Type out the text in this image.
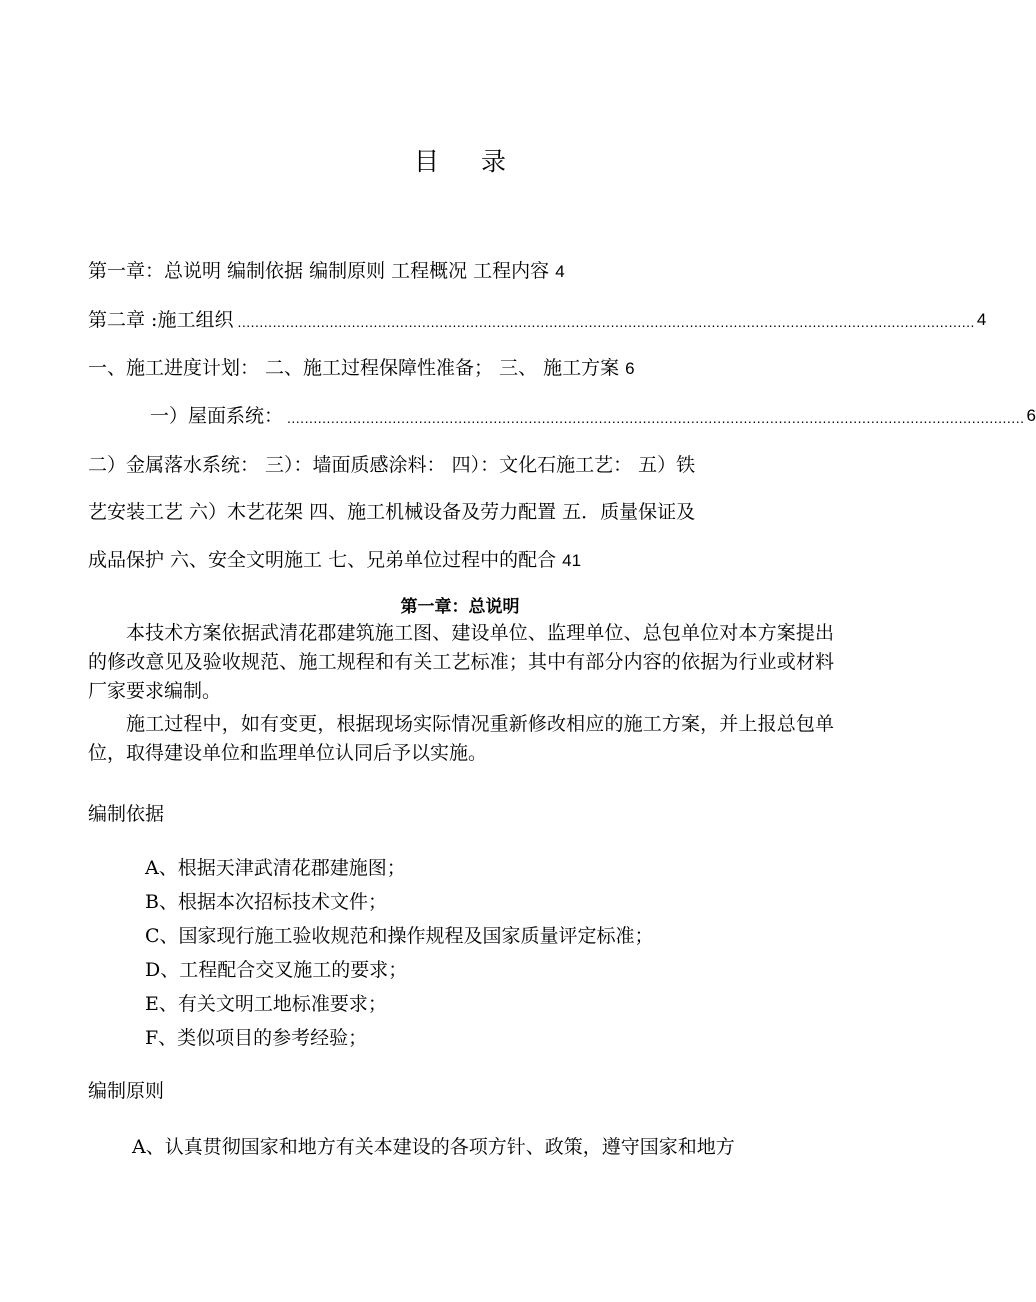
目 录
第一章：总说明 编制依据 编制原则 工程概况 工程内容 4
第二章 :施工组织 ........................................................................................................................................................................ 4
一、施工进度计划： 二、施工过程保障性准备； 三、 施工方案 6
一）屋面系统： ........................................................................................................................................................................ 6
二）金属落水系统： 三）：墙面质感涂料： 四）：文化石施工艺： 五）铁
艺安装工艺 六）木艺花架 四、施工机械设备及劳力配置 五．质量保证及
成品保护 六、安全文明施工 七、兄弟单位过程中的配合 41
第一章：总说明
本技术方案依据武清花郡建筑施工图、建设单位、监理单位、总包单位对本方案提出的修改意见及验收规范、施工规程和有关工艺标准；其中有部分内容的依据为行业或材料厂家要求编制。
施工过程中，如有变更，根据现场实际情况重新修改相应的施工方案，并上报总包单位，取得建设单位和监理单位认同后予以实施。
编制依据
A、根据天津武清花郡建施图；
B、根据本次招标技术文件；
C、国家现行施工验收规范和操作规程及国家质量评定标准；
D、工程配合交叉施工的要求；
E、有关文明工地标准要求；
F、类似项目的参考经验；
编制原则
A、认真贯彻国家和地方有关本建设的各项方针、政策，遵守国家和地方
